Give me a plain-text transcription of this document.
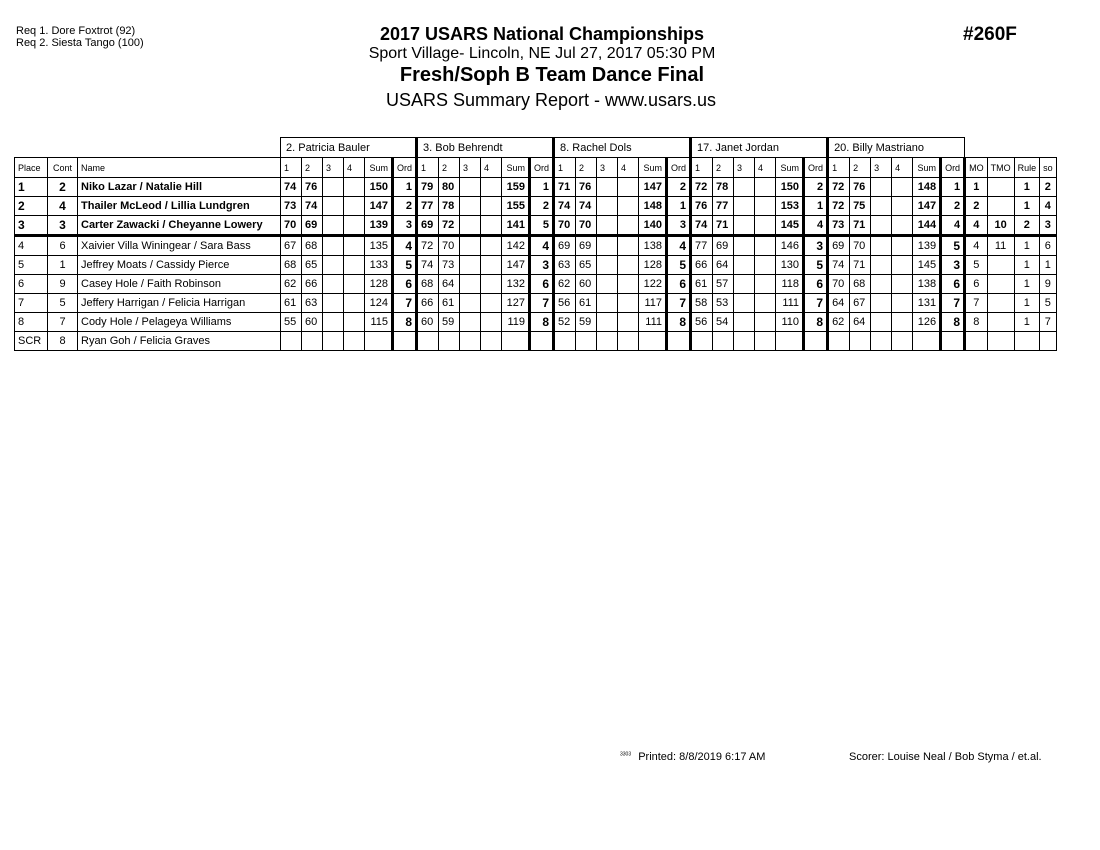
Req 1. Dore Foxtrot (92)
Req 2. Siesta Tango (100)	2017 USARS National Championships
Sport Village- Lincoln, NE Jul 27, 2017 05:30 PM
Fresh/Soph B Team Dance Final
USARS Summary Report - www.usars.us
#260F
			2. Patricia Bauler						3. Bob Behrendt						8. Rachel Dols						17. Janet Jordan						20. Billy Mastriano									
Place	Cont	Name	1	2	3	4	Sum	Ord	1	2	3	4	Sum	Ord	1	2	3	4	Sum	Ord	1	2	3	4	Sum	Ord	1	2	3	4	Sum	Ord	MO	TMO	Rule	so
1	2	Niko Lazar / Natalie Hill	74	76			150	1	79	80			159	1	71	76			147	2	72	78			150	2	72	76			148	1	1		1	2
2	4	Thailer McLeod / Lillia Lundgren	73	74			147	2	77	78			155	2	74	74			148	1	76	77			153	1	72	75			147	2	2		1	4
3	3	Carter Zawacki / Cheyanne Lowery	70	69			139	3	69	72			141	5	70	70			140	3	74	71			145	4	73	71			144	4	4	10	2	3
4	6	Xaivier Villa Winingear / Sara Bass	67	68			135	4	72	70			142	4	69	69			138	4	77	69			146	3	69	70			139	5	4	11	1	6
5	1	Jeffrey Moats / Cassidy Pierce	68	65			133	5	74	73			147	3	63	65			128	5	66	64			130	5	74	71			145	3	5		1	1
6	9	Casey Hole / Faith Robinson	62	66			128	6	68	64			132	6	62	60			122	6	61	57			118	6	70	68			138	6	6		1	9
7	5	Jeffery Harrigan / Felicia Harrigan	61	63			124	7	66	61			127	7	56	61			117	7	58	53			111	7	64	67			131	7	7		1	5
8	7	Cody Hole / Pelageya Williams	55	60			115	8	60	59			119	8	52	59			111	8	56	54			110	8	62	64			126	8	8		1	7
SCR	8	Ryan Goh / Felicia Graves																																		
$^{3303}$ Printed: 8/8/2019 6:17 AM	Scorer: Louise Neal / Bob Styma / et.al.
